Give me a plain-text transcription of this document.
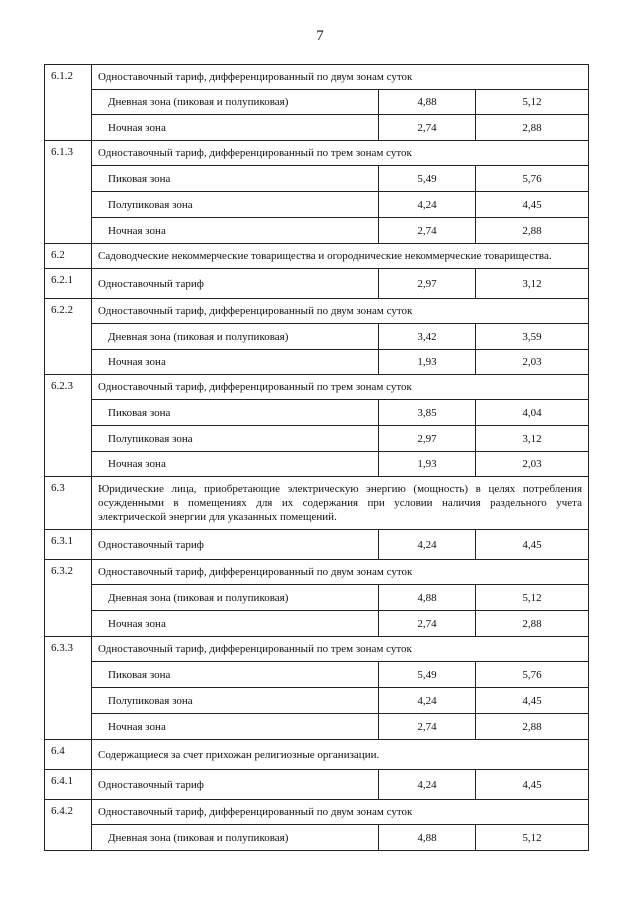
7
6.1.2	Одноставочный тариф, дифференцированный по двум зонам суток		
	Дневная зона (пиковая и полупиковая)	4,88	5,12
	Ночная зона	2,74	2,88
6.1.3	Одноставочный тариф, дифференцированный по трем зонам суток		
	Пиковая зона	5,49	5,76
	Полупиковая зона	4,24	4,45
	Ночная зона	2,74	2,88
6.2	Садоводческие некоммерческие товарищества и огороднические некоммерческие товарищества.		
6.2.1	Одноставочный тариф	2,97	3,12
6.2.2	Одноставочный тариф, дифференцированный по двум зонам суток		
	Дневная зона (пиковая и полупиковая)	3,42	3,59
	Ночная зона	1,93	2,03
6.2.3	Одноставочный тариф, дифференцированный по трем зонам суток		
	Пиковая зона	3,85	4,04
	Полупиковая зона	2,97	3,12
	Ночная зона	1,93	2,03
6.3	Юридические лица, приобретающие электрическую энергию (мощность) в целях потребления осужденными в помещениях для их содержания при условии наличия раздельного учета электрической энергии для указанных помещений.		
6.3.1	Одноставочный тариф	4,24	4,45
6.3.2	Одноставочный тариф, дифференцированный по двум зонам суток		
	Дневная зона (пиковая и полупиковая)	4,88	5,12
	Ночная зона	2,74	2,88
6.3.3	Одноставочный тариф, дифференцированный по трем зонам суток		
	Пиковая зона	5,49	5,76
	Полупиковая зона	4,24	4,45
	Ночная зона	2,74	2,88
6.4	Содержащиеся за счет прихожан религиозные организации.		
6.4.1	Одноставочный тариф	4,24	4,45
6.4.2	Одноставочный тариф, дифференцированный по двум зонам суток		
	Дневная зона (пиковая и полупиковая)	4,88	5,12
